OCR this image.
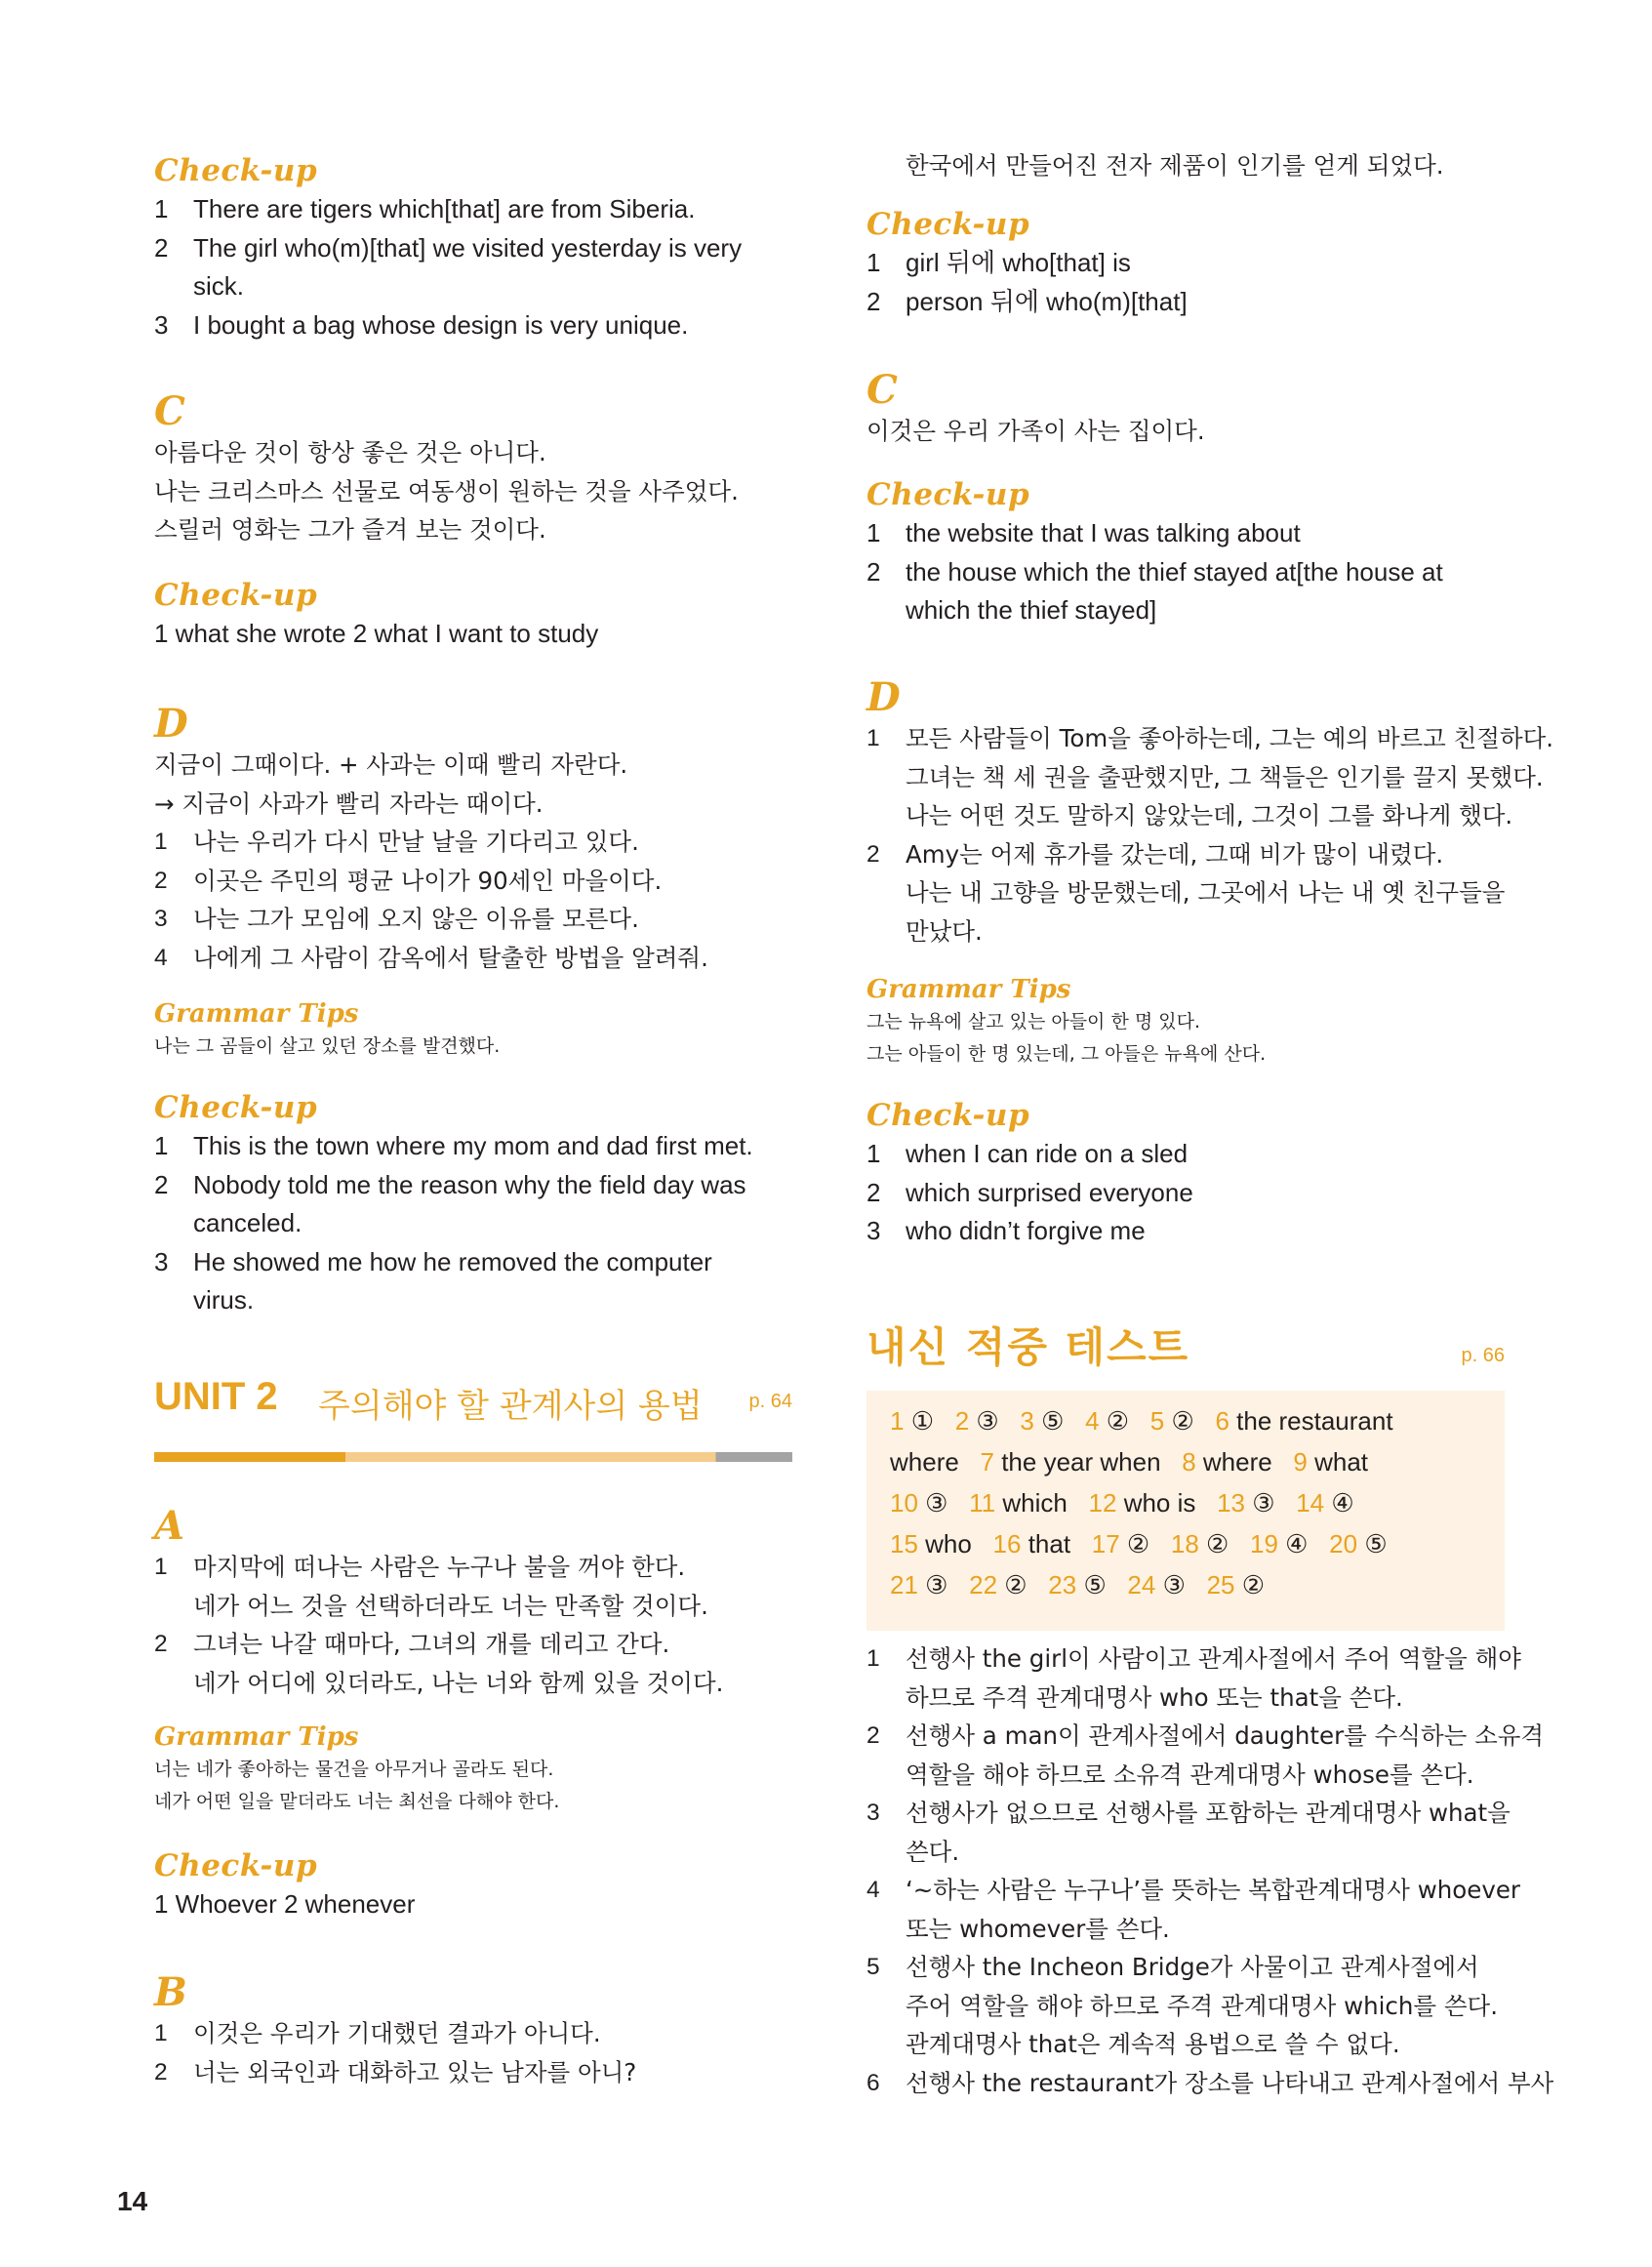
Check-up
1 There are tigers which[that] are from Siberia.
2 The girl who(m)[that] we visited yesterday is very
sick.
3 I bought a bag whose design is very unique.
C
아름다운 것이 항상 좋은 것은 아니다.
나는 크리스마스 선물로 여동생이 원하는 것을 사주었다.
스릴러 영화는 그가 즐겨 보는 것이다.
Check-up
1 what she wrote 2 what I want to study
D
지금이 그때이다. + 사과는 이때 빨리 자란다.
→ 지금이 사과가 빨리 자라는 때이다.
1	나는 우리가 다시 만날 날을 기다리고 있다.
2	이곳은 주민의 평균 나이가 90세인 마을이다.
3	나는 그가 모임에 오지 않은 이유를 모른다.
4	나에게 그 사람이 감옥에서 탈출한 방법을 알려줘.
Grammar Tips
나는 그 곰들이 살고 있던 장소를 발견했다.
Check-up
1 This is the town where my mom and dad first met.
2 Nobody told me the reason why the field day was
canceled.
3 He showed me how he removed the computer
virus.
UNIT 2 주의해야 할 관계사의 용법 p. 64
A
1	마지막에 떠나는 사람은 누구나 불을 꺼야 한다.
네가 어느 것을 선택하더라도 너는 만족할 것이다.
2	그녀는 나갈 때마다, 그녀의 개를 데리고 간다.
네가 어디에 있더라도, 나는 너와 함께 있을 것이다.
Grammar Tips
너는 네가 좋아하는 물건을 아무거나 골라도 된다.
네가 어떤 일을 맡더라도 너는 최선을 다해야 한다.
Check-up
1 Whoever 2 whenever
B
1	이것은 우리가 기대했던 결과가 아니다.
2	너는 외국인과 대화하고 있는 남자를 아니?
한국에서 만들어진 전자 제품이 인기를 얻게 되었다.
Check-up
1 girl 뒤에 who[that] is
2 person 뒤에 who(m)[that]
C
이것은 우리 가족이 사는 집이다.
Check-up
1 the website that I was talking about
2 the house which the thief stayed at[the house at
which the thief stayed]
D
1	모든 사람들이 Tom을 좋아하는데, 그는 예의 바르고 친절하다.
그녀는 책 세 권을 출판했지만, 그 책들은 인기를 끌지 못했다.
나는 어떤 것도 말하지 않았는데, 그것이 그를 화나게 했다.
2	Amy는 어제 휴가를 갔는데, 그때 비가 많이 내렸다.
나는 내 고향을 방문했는데, 그곳에서 나는 내 옛 친구들을
만났다.
Grammar Tips
그는 뉴욕에 살고 있는 아들이 한 명 있다.
그는 아들이 한 명 있는데, 그 아들은 뉴욕에 산다.
Check-up
1 when I can ride on a sled
2 which surprised everyone
3 who didn’t forgive me
내신 적중 테스트	p. 66
1 ① 2 ③ 3 ⑤ 4 ② 5 ② 6 the restaurant
where 7 the year when 8 where 9 what
10 ③ 11 which 12 who is 13 ③ 14 ④
15 who 16 that 17 ② 18 ② 19 ④ 20 ⑤
21 ③ 22 ② 23 ⑤ 24 ③ 25 ②
1	선행사 the girl이 사람이고 관계사절에서 주어 역할을 해야
하므로 주격 관계대명사 who 또는 that을 쓴다.
2	선행사 a man이 관계사절에서 daughter를 수식하는 소유격
역할을 해야 하므로 소유격 관계대명사 whose를 쓴다.
3	선행사가 없으므로 선행사를 포함하는 관계대명사 what을
쓴다.
4	‘~하는 사람은 누구나’를 뜻하는 복합관계대명사 whoever
또는 whomever를 쓴다.
5	선행사 the Incheon Bridge가 사물이고 관계사절에서
주어 역할을 해야 하므로 주격 관계대명사 which를 쓴다.
관계대명사 that은 계속적 용법으로 쓸 수 없다.
6	선행사 the restaurant가 장소를 나타내고 관계사절에서 부사
14
